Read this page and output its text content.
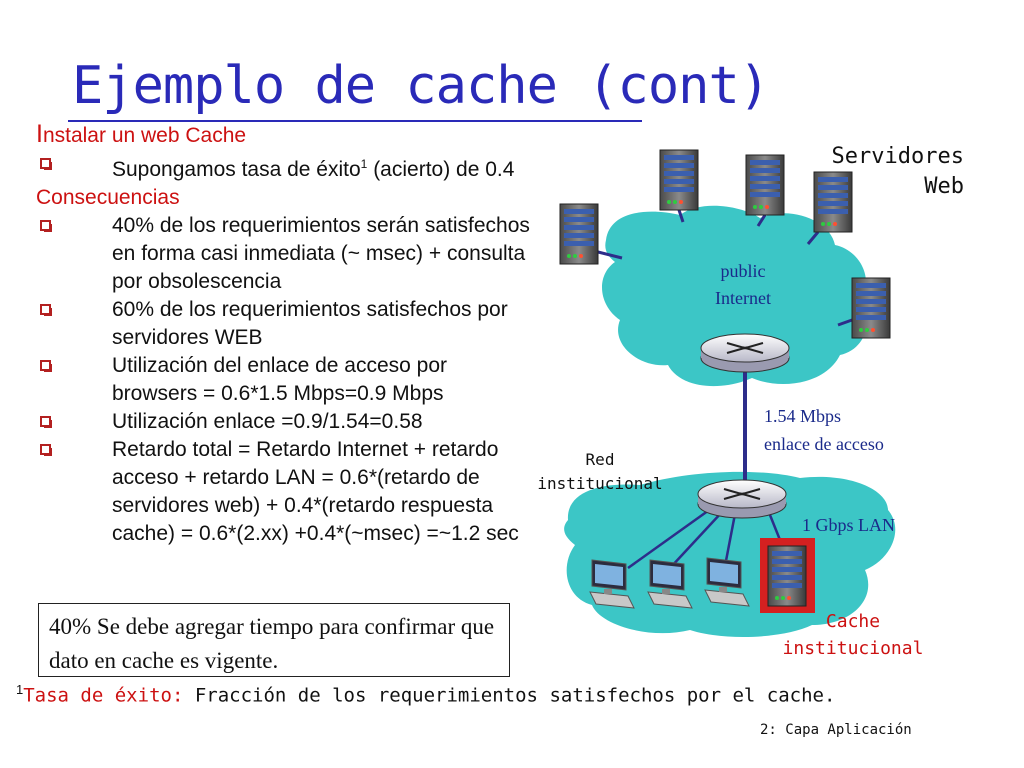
Ejemplo de cache (cont)
Instalar un web Cache
Supongamos tasa de éxito$^1$ (acierto) de 0.4
Consecuencias
40% de los requerimientos serán satisfechos en forma casi inmediata (~ msec) + consulta por obsolescencia
60% de los requerimientos satisfechos por servidores WEB
Utilización del enlace de acceso por browsers = 0.6*1.5 Mbps=0.9 Mbps
Utilización enlace =0.9/1.54=0.58
Retardo total = Retardo Internet + retardo acceso + retardo LAN = 0.6*(retardo de servidores web) + 0.4*(retardo respuesta cache) = 0.6*(2.xx) +0.4*(~msec) =~1.2 sec
Servidores
Web
public
Internet
1.54 Mbps
enlace de acceso
Red
institucional
1 Gbps LAN
Cache
institucional
40% Se debe agregar tiempo para confirmar que dato en cache es vigente.
$^1$Tasa de éxito: Fracción de los requerimientos satisfechos por el cache.
2: Capa Aplicación
